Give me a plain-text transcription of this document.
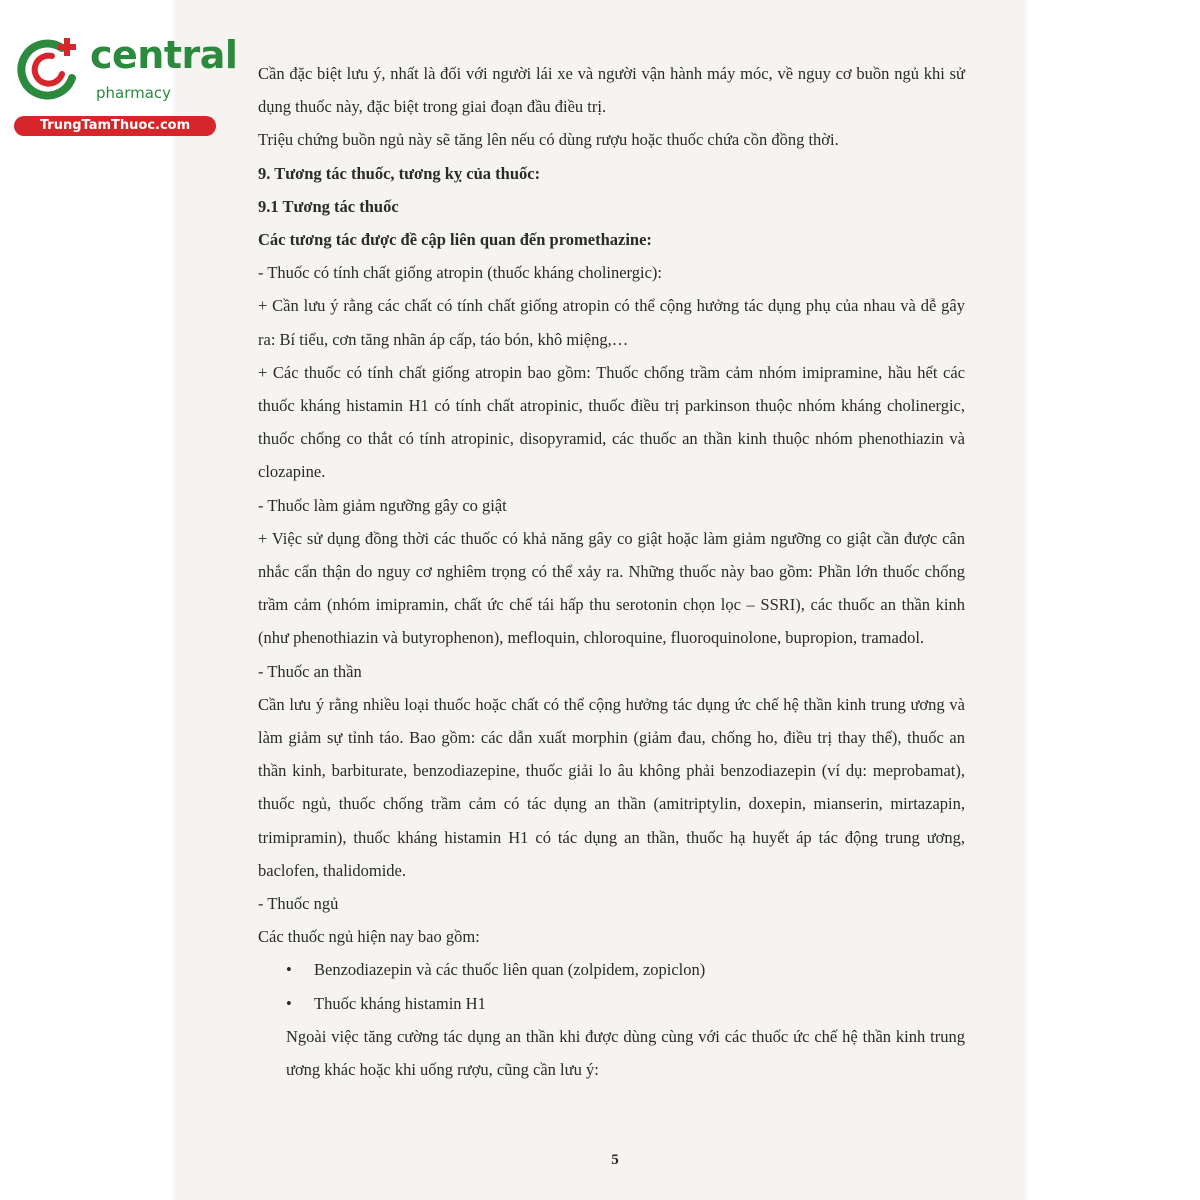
central
pharmacy
TrungTamThuoc.com

Cần đặc biệt lưu ý, nhất là đối với người lái xe và người vận hành máy móc, về nguy cơ buồn ngủ khi sử dụng thuốc này, đặc biệt trong giai đoạn đầu điều trị.

Triệu chứng buồn ngủ này sẽ tăng lên nếu có dùng rượu hoặc thuốc chứa cồn đồng thời.

9. Tương tác thuốc, tương kỵ của thuốc:

9.1 Tương tác thuốc

Các tương tác được đề cập liên quan đến promethazine:

- Thuốc có tính chất giống atropin (thuốc kháng cholinergic):

+ Cần lưu ý rằng các chất có tính chất giống atropin có thể cộng hưởng tác dụng phụ của nhau và dễ gây ra: Bí tiểu, cơn tăng nhãn áp cấp, táo bón, khô miệng,…

+ Các thuốc có tính chất giống atropin bao gồm: Thuốc chống trầm cảm nhóm imipramine, hầu hết các thuốc kháng histamin H1 có tính chất atropinic, thuốc điều trị parkinson thuộc nhóm kháng cholinergic, thuốc chống co thắt có tính atropinic, disopyramid, các thuốc an thần kinh thuộc nhóm phenothiazin và clozapine.

- Thuốc làm giảm ngưỡng gây co giật

+ Việc sử dụng đồng thời các thuốc có khả năng gây co giật hoặc làm giảm ngưỡng co giật cần được cân nhắc cẩn thận do nguy cơ nghiêm trọng có thể xảy ra. Những thuốc này bao gồm: Phần lớn thuốc chống trầm cảm (nhóm imipramin, chất ức chế tái hấp thu serotonin chọn lọc – SSRI), các thuốc an thần kinh (như phenothiazin và butyrophenon), mefloquin, chloroquine, fluoroquinolone, bupropion, tramadol.

- Thuốc an thần

Cần lưu ý rằng nhiều loại thuốc hoặc chất có thể cộng hưởng tác dụng ức chế hệ thần kinh trung ương và làm giảm sự tỉnh táo. Bao gồm: các dẫn xuất morphin (giảm đau, chống ho, điều trị thay thế), thuốc an thần kinh, barbiturate, benzodiazepine, thuốc giải lo âu không phải benzodiazepin (ví dụ: meprobamat), thuốc ngủ, thuốc chống trầm cảm có tác dụng an thần (amitriptylin, doxepin, mianserin, mirtazapin, trimipramin), thuốc kháng histamin H1 có tác dụng an thần, thuốc hạ huyết áp tác động trung ương, baclofen, thalidomide.

- Thuốc ngủ

Các thuốc ngủ hiện nay bao gồm:

• Benzodiazepin và các thuốc liên quan (zolpidem, zopiclon)
• Thuốc kháng histamin H1

Ngoài việc tăng cường tác dụng an thần khi được dùng cùng với các thuốc ức chế hệ thần kinh trung ương khác hoặc khi uống rượu, cũng cần lưu ý:

5
